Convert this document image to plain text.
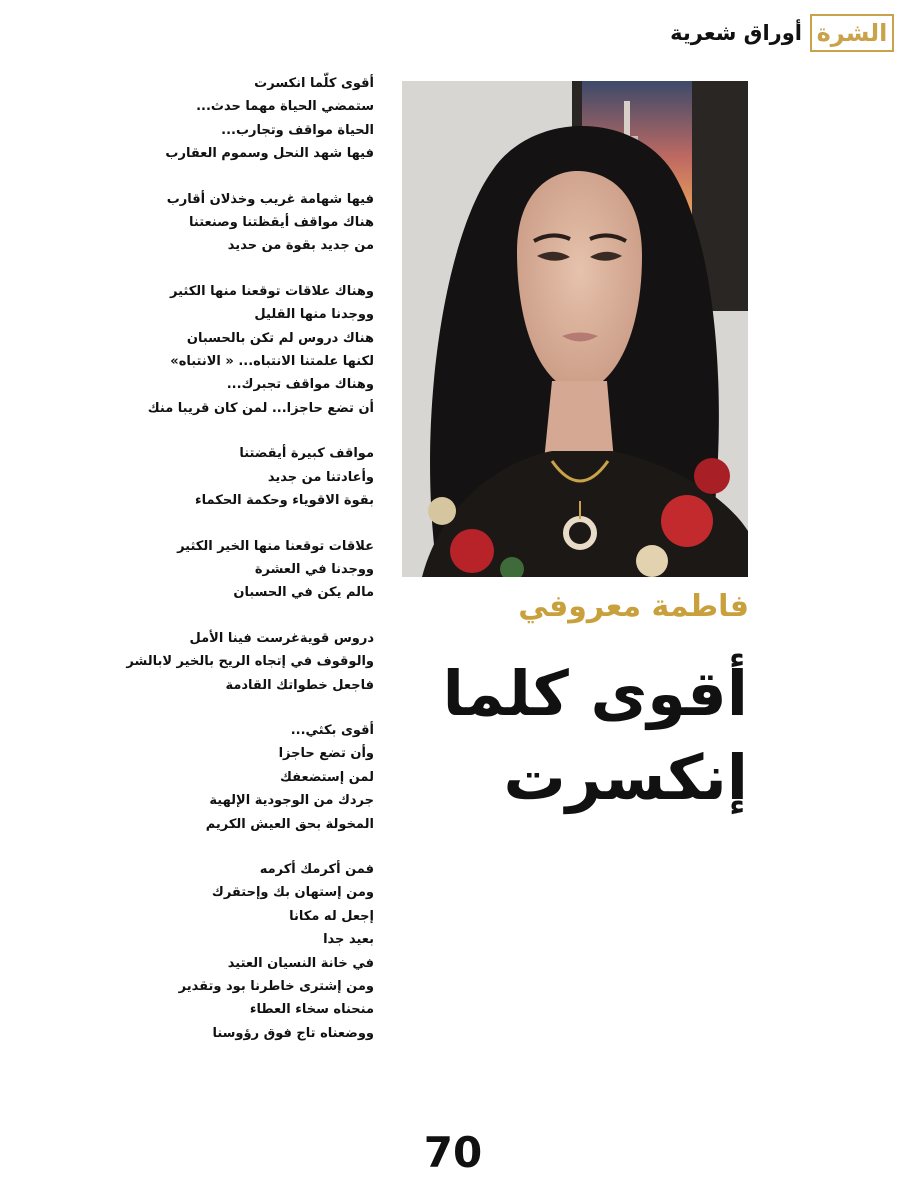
الشرة
أوراق شعرية
فاطمة معروفي
أقوى كلما
إنكسرت
أقوى كلّما انكسرت
ستمضي الحياة مهما حدث...
الحياة مواقف وتجارب...
فيها شهد النحل وسموم العقارب
فيها شهامة غريب وخذلان أقارب
هناك مواقف أيقظتنا وصنعتنا
من جديد بقوة من حديد
وهناك علاقات توقعنا منها الكثير
ووجدنا منها القليل
هناك دروس لم تكن بالحسبان
لكنها علمتنا الانتباه... « الانتباه»
وهناك مواقف تجبرك...
أن تضع حاجزا... لمن كان قريبا منك
مواقف كبيرة أيقضتنا
وأعادتنا من جديد
بقوة الاقوياء وحكمة الحكماء
علاقات توقعنا منها الخير الكثير
ووجدنا في العشرة
مالم يكن في الحسبان
دروس قويةغرست فينا الأمل
والوقوف في إتجاه الريح بالخير لابالشر
فاجعل خطواتك القادمة
أقوى بكثي...
وأن تضع حاجزا
لمن إستضعفك
جردك من الوجودية الإلهية
المخولة بحق العيش الكريم
فمن أكرمك أكرمه
ومن إستهان بك وإحتقرك
إجعل له مكانا
بعيد جدا
في خانة النسيان العتيد
ومن إشترى خاطرنا بود وتقدير
منحناه سخاء العطاء
ووضعناه تاج فوق رؤوسنا
70
